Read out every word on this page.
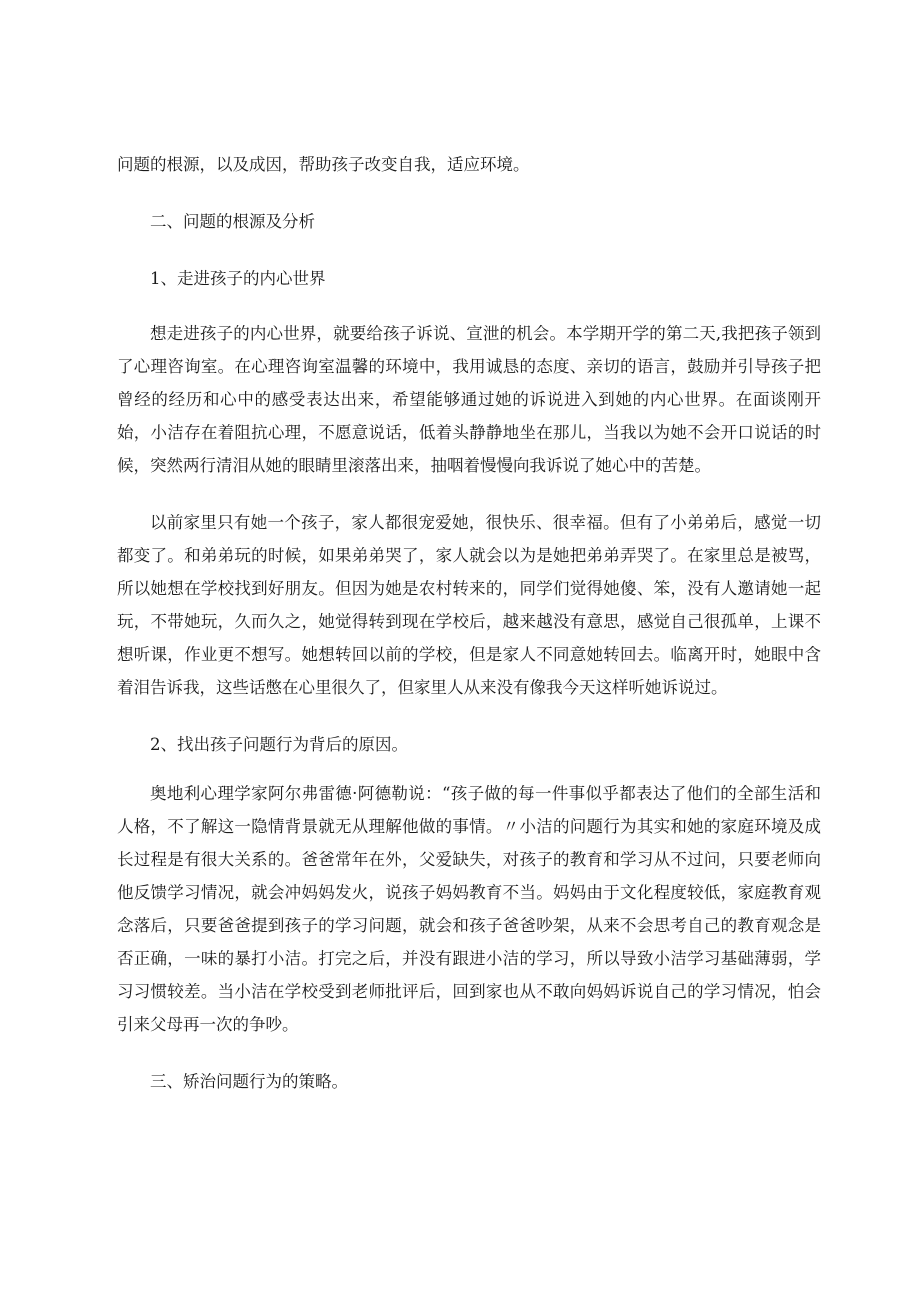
问题的根源，以及成因，帮助孩子改变自我，适应环境。

二、问题的根源及分析

1、走进孩子的内心世界

想走进孩子的内心世界，就要给孩子诉说、宣泄的机会。本学期开学的第二天,我把孩子领到了心理咨询室。在心理咨询室温馨的环境中，我用诚恳的态度、亲切的语言，鼓励并引导孩子把曾经的经历和心中的感受表达出来，希望能够通过她的诉说进入到她的内心世界。在面谈刚开始，小洁存在着阻抗心理，不愿意说话，低着头静静地坐在那儿，当我以为她不会开口说话的时候，突然两行清泪从她的眼睛里滚落出来，抽咽着慢慢向我诉说了她心中的苦楚。

以前家里只有她一个孩子，家人都很宠爱她，很快乐、很幸福。但有了小弟弟后，感觉一切都变了。和弟弟玩的时候，如果弟弟哭了，家人就会以为是她把弟弟弄哭了。在家里总是被骂，所以她想在学校找到好朋友。但因为她是农村转来的，同学们觉得她傻、笨，没有人邀请她一起玩，不带她玩，久而久之，她觉得转到现在学校后，越来越没有意思，感觉自己很孤单，上课不想听课，作业更不想写。她想转回以前的学校，但是家人不同意她转回去。临离开时，她眼中含着泪告诉我，这些话憋在心里很久了，但家里人从来没有像我今天这样听她诉说过。

2、找出孩子问题行为背后的原因。

奥地利心理学家阿尔弗雷德·阿德勒说：“孩子做的每一件事似乎都表达了他们的全部生活和人格，不了解这一隐情背景就无从理解他做的事情。〃小洁的问题行为其实和她的家庭环境及成长过程是有很大关系的。爸爸常年在外，父爱缺失，对孩子的教育和学习从不过问，只要老师向他反馈学习情况，就会冲妈妈发火，说孩子妈妈教育不当。妈妈由于文化程度较低，家庭教育观念落后，只要爸爸提到孩子的学习问题，就会和孩子爸爸吵架，从来不会思考自己的教育观念是否正确，一味的暴打小洁。打完之后，并没有跟进小洁的学习，所以导致小洁学习基础薄弱，学习习惯较差。当小洁在学校受到老师批评后，回到家也从不敢向妈妈诉说自己的学习情况，怕会引来父母再一次的争吵。

三、矫治问题行为的策略。
